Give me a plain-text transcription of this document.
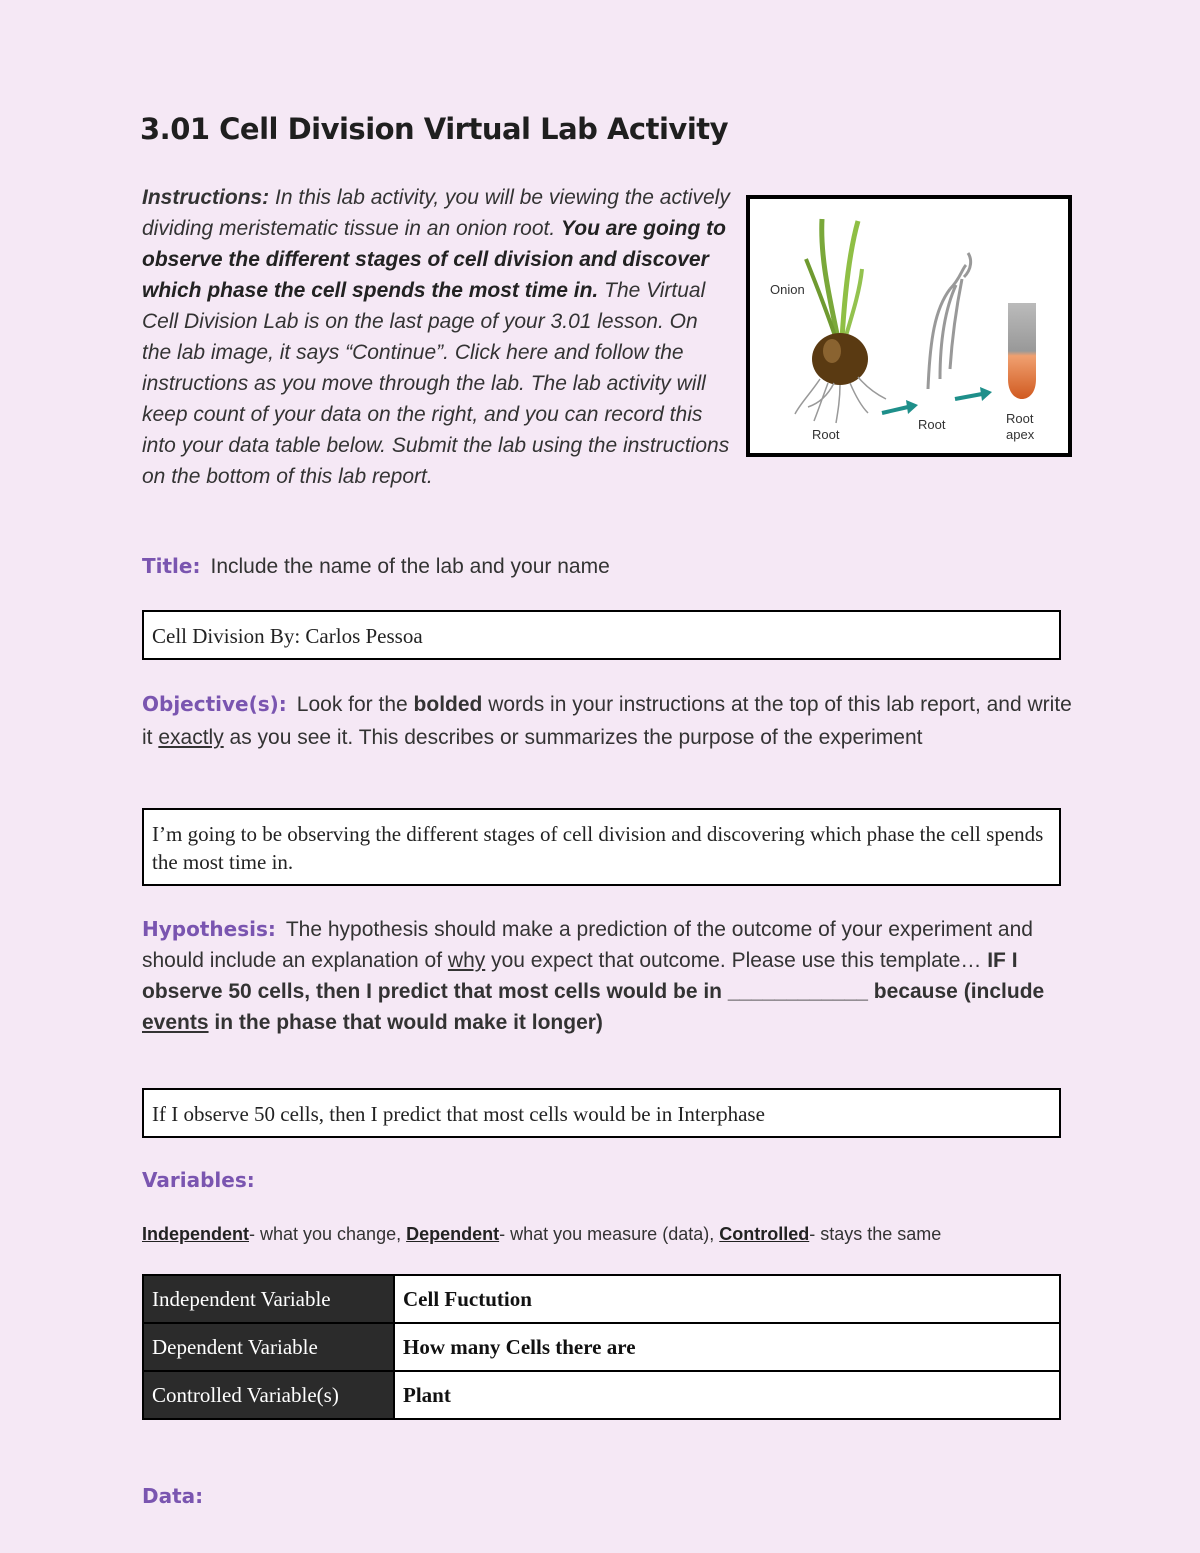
3.01 Cell Division Virtual Lab Activity

Instructions: In this lab activity, you will be viewing the actively dividing meristematic tissue in an onion root. You are going to observe the different stages of cell division and discover which phase the cell spends the most time in. The Virtual Cell Division Lab is on the last page of your 3.01 lesson. On the lab image, it says “Continue”. Click here and follow the instructions as you move through the lab. The lab activity will keep count of your data on the right, and you can record this into your data table below. Submit the lab using the instructions on the bottom of this lab report.

Onion
Root
Root	Root
apex

Title: Include the name of the lab and your name

Cell Division By: Carlos Pessoa

Objective(s): Look for the bolded words in your instructions at the top of this lab report, and write it exactly as you see it. This describes or summarizes the purpose of the experiment

I’m going to be observing the different stages of cell division and discovering which phase the cell spends the most time in.

Hypothesis: The hypothesis should make a prediction of the outcome of your experiment and should include an explanation of why you expect that outcome. Please use this template… IF I observe 50 cells, then I predict that most cells would be in ____________ because (include events in the phase that would make it longer)

If I observe 50 cells, then I predict that most cells would be in Interphase

Variables:

Independent- what you change, Dependent- what you measure (data), Controlled- stays the same

Independent Variable	Cell Fuctution
Dependent Variable	How many Cells there are
Controlled Variable(s)	Plant

Data:
